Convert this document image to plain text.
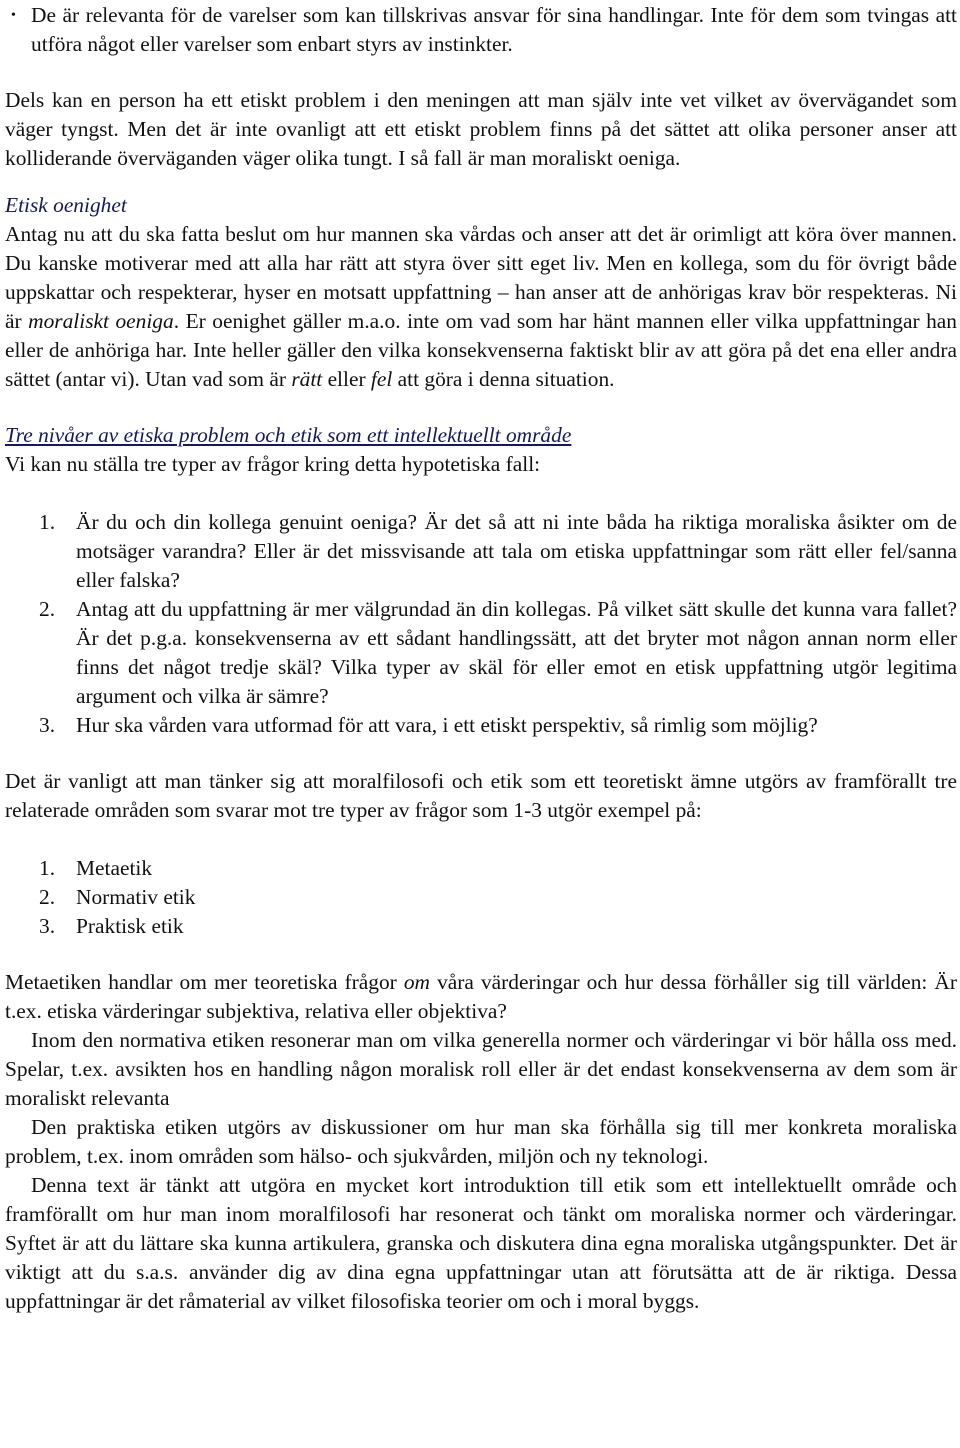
• De är relevanta för de varelser som kan tillskrivas ansvar för sina handlingar. Inte för dem som tvingas att utföra något eller varelser som enbart styrs av instinkter.

Dels kan en person ha ett etiskt problem i den meningen att man själv inte vet vilket av övervägandet som väger tyngst. Men det är inte ovanligt att ett etiskt problem finns på det sättet att olika personer anser att kolliderande överväganden väger olika tungt. I så fall är man moraliskt oeniga.

Etisk oenighet

Antag nu att du ska fatta beslut om hur mannen ska vårdas och anser att det är orimligt att köra över mannen. Du kanske motiverar med att alla har rätt att styra över sitt eget liv. Men en kollega, som du för övrigt både uppskattar och respekterar, hyser en motsatt uppfattning – han anser att de anhörigas krav bör respekteras. Ni är moraliskt oeniga. Er oenighet gäller m.a.o. inte om vad som har hänt mannen eller vilka uppfattningar han eller de anhöriga har. Inte heller gäller den vilka konsekvenserna faktiskt blir av att göra på det ena eller andra sättet (antar vi). Utan vad som är rätt eller fel att göra i denna situation.

Tre nivåer av etiska problem och etik som ett intellektuellt område

Vi kan nu ställa tre typer av frågor kring detta hypotetiska fall:

1. Är du och din kollega genuint oeniga? Är det så att ni inte båda ha riktiga moraliska åsikter om de motsäger varandra? Eller är det missvisande att tala om etiska uppfattningar som rätt eller fel/sanna eller falska?
2. Antag att du uppfattning är mer välgrundad än din kollegas. På vilket sätt skulle det kunna vara fallet? Är det p.g.a. konsekvenserna av ett sådant handlingssätt, att det bryter mot någon annan norm eller finns det något tredje skäl? Vilka typer av skäl för eller emot en etisk uppfattning utgör legitima argument och vilka är sämre?
3. Hur ska vården vara utformad för att vara, i ett etiskt perspektiv, så rimlig som möjlig?

Det är vanligt att man tänker sig att moralfilosofi och etik som ett teoretiskt ämne utgörs av framförallt tre relaterade områden som svarar mot tre typer av frågor som 1-3 utgör exempel på:

1. Metaetik
2. Normativ etik
3. Praktisk etik

Metaetiken handlar om mer teoretiska frågor om våra värderingar och hur dessa förhåller sig till världen: Är t.ex. etiska värderingar subjektiva, relativa eller objektiva?

Inom den normativa etiken resonerar man om vilka generella normer och värderingar vi bör hålla oss med. Spelar, t.ex. avsikten hos en handling någon moralisk roll eller är det endast konsekvenserna av dem som är moraliskt relevanta

Den praktiska etiken utgörs av diskussioner om hur man ska förhålla sig till mer konkreta moraliska problem, t.ex. inom områden som hälso- och sjukvården, miljön och ny teknologi.

Denna text är tänkt att utgöra en mycket kort introduktion till etik som ett intellektuellt område och framförallt om hur man inom moralfilosofi har resonerat och tänkt om moraliska normer och värderingar. Syftet är att du lättare ska kunna artikulera, granska och diskutera dina egna moraliska utgångspunkter. Det är viktigt att du s.a.s. använder dig av dina egna uppfattningar utan att förutsätta att de är riktiga. Dessa uppfattningar är det råmaterial av vilket filosofiska teorier om och i moral byggs.
